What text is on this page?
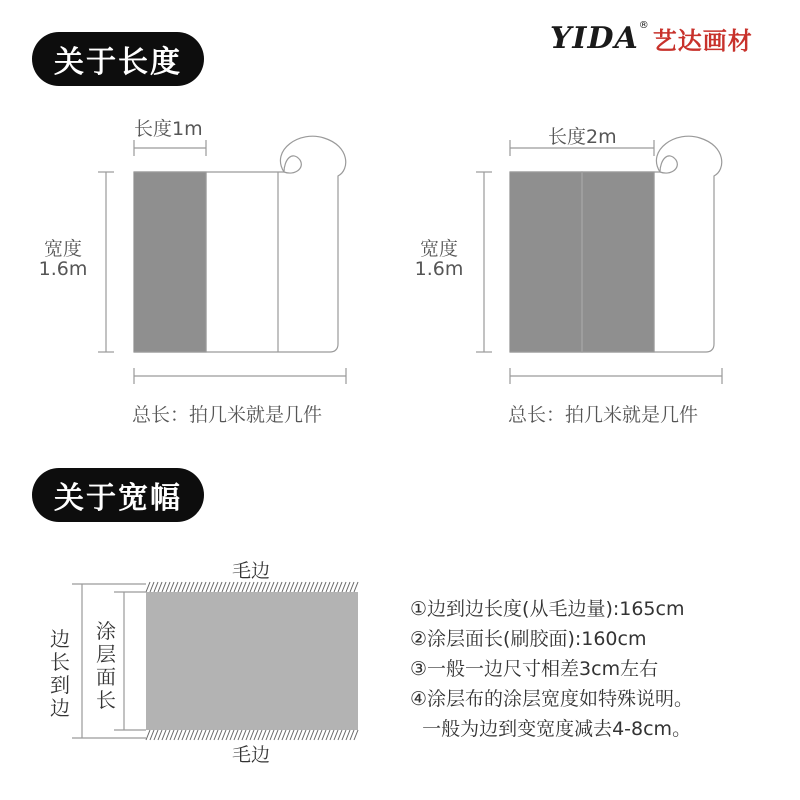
关于长度
关于宽幅
YIDA ®
艺达画材
长度1m
宽度
1.6m
总长：拍几米就是几件
长度2m
宽度
1.6m
总长：拍几米就是几件
毛边
毛边
边长到边
涂层面长
①边到边长度(从毛边量):165cm
②涂层面长(刷胶面):160cm
③一般一边尺寸相差3cm左右
④涂层布的涂层宽度如特殊说明。
一般为边到变宽度减去4-8cm。
